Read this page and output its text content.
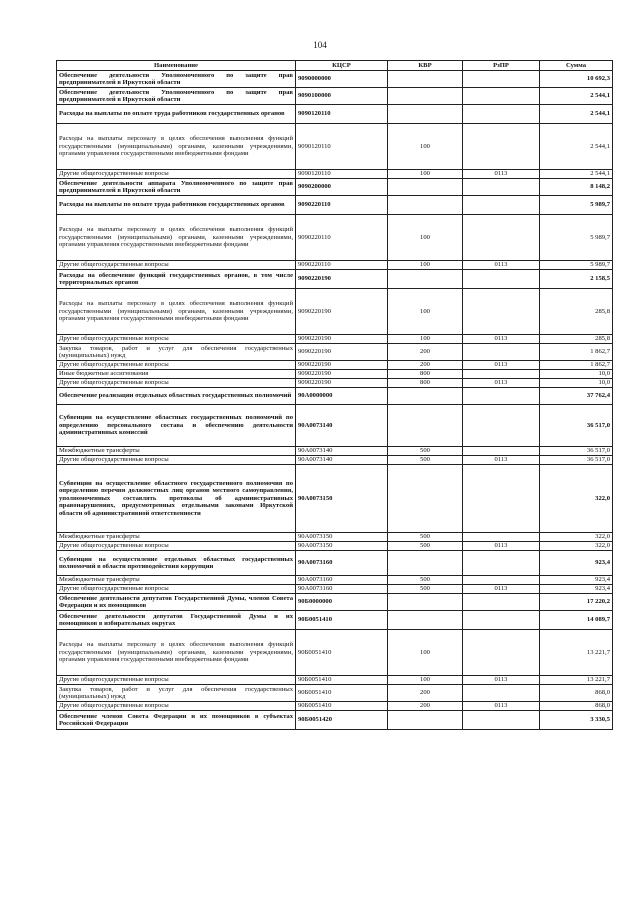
104
Наименование	КЦСР	КВР	РзПР	Сумма
Обеспечение деятельности Уполномоченного по защите прав предпринимателей в Иркутской области	9090000000			10 692,3
Обеспечение деятельности Уполномоченного по защите прав предпринимателей в Иркутской области	9090100000			2 544,1
Расходы на выплаты по оплате труда работников государственных органов	9090120110			2 544,1
Расходы на выплаты персоналу в целях обеспечения выполнения функций государственными (муниципальными) органами, казенными учреждениями, органами управления государственными внебюджетными фондами	9090120110	100		2 544,1
Другие общегосударственные вопросы	9090120110	100	0113	2 544,1
Обеспечение деятельности аппарата Уполномоченного по защите прав предпринимателей в Иркутской области	9090200000			8 148,2
Расходы на выплаты по оплате труда работников государственных органов	9090220110			5 989,7
Расходы на выплаты персоналу в целях обеспечения выполнения функций государственными (муниципальными) органами, казенными учреждениями, органами управления государственными внебюджетными фондами	9090220110	100		5 989,7
Другие общегосударственные вопросы	9090220110	100	0113	5 989,7
Расходы на обеспечение функций государственных органов, в том числе территориальных органов	9090220190			2 158,5
Расходы на выплаты персоналу в целях обеспечения выполнения функций государственными (муниципальными) органами, казенными учреждениями, органами управления государственными внебюджетными фондами	9090220190	100		285,8
Другие общегосударственные вопросы	9090220190	100	0113	285,8
Закупка товаров, работ и услуг для обеспечения государственных (муниципальных) нужд	9090220190	200		1 862,7
Другие общегосударственные вопросы	9090220190	200	0113	1 862,7
Иные бюджетные ассигнования	9090220190	800		10,0
Другие общегосударственные вопросы	9090220190	800	0113	10,0
Обеспечение реализации отдельных областных государственных полномочий	90А0000000			37 762,4
Субвенции на осуществление областных государственных полномочий по определению персонального состава и обеспечению деятельности административных комиссий	90А0073140			36 517,0
Межбюджетные трансферты	90А0073140	500		36 517,0
Другие общегосударственные вопросы	90А0073140	500	0113	36 517,0
Субвенции на осуществление областного государственного полномочия по определению перечня должностных лиц органов местного самоуправления, уполномоченных составлять протоколы об административных правонарушениях, предусмотренных отдельными законами Иркутской области об административной ответственности	90А0073150			322,0
Межбюджетные трансферты	90А0073150	500		322,0
Другие общегосударственные вопросы	90А0073150	500	0113	322,0
Субвенции на осуществление отдельных областных государственных полномочий в области противодействия коррупции	90А0073160			923,4
Межбюджетные трансферты	90А0073160	500		923,4
Другие общегосударственные вопросы	90А0073160	500	0113	923,4
Обеспечение деятельности депутатов Государственной Думы, членов Совета Федерации и их помощников	90Б0000000			17 220,2
Обеспечение деятельности депутатов Государственной Думы и их помощников в избирательных округах	90Б0051410			14 089,7
Расходы на выплаты персоналу в целях обеспечения выполнения функций государственными (муниципальными) органами, казенными учреждениями, органами управления государственными внебюджетными фондами	90Б0051410	100		13 221,7
Другие общегосударственные вопросы	90Б0051410	100	0113	13 221,7
Закупка товаров, работ и услуг для обеспечения государственных (муниципальных) нужд	90Б0051410	200		868,0
Другие общегосударственные вопросы	90Б0051410	200	0113	868,0
Обеспечение членов Совета Федерации и их помощников в субъектах Российской Федерации	90Б0051420			3 330,5
